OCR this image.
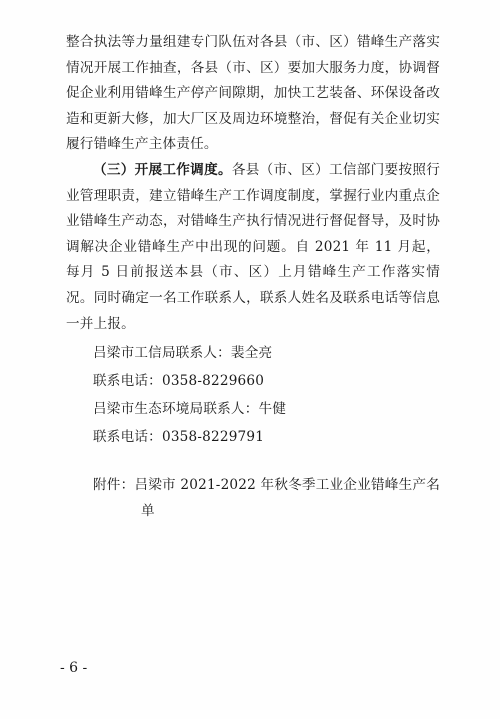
整合执法等力量组建专门队伍对各县（市、区）错峰生产落实情况开展工作抽查，各县（市、区）要加大服务力度，协调督促企业利用错峰生产停产间隙期，加快工艺装备、环保设备改造和更新大修，加大厂区及周边环境整治，督促有关企业切实履行错峰生产主体责任。

（三）开展工作调度。各县（市、区）工信部门要按照行业管理职责，建立错峰生产工作调度制度，掌握行业内重点企业错峰生产动态，对错峰生产执行情况进行督促督导，及时协调解决企业错峰生产中出现的问题。自 2021 年 11 月起，每月 5 日前报送本县（市、区）上月错峰生产工作落实情况。同时确定一名工作联系人，联系人姓名及联系电话等信息一并上报。

吕梁市工信局联系人：裴全亮

联系电话：0358-8229660

吕梁市生态环境局联系人：牛健

联系电话：0358-8229791

附件：吕梁市 2021-2022 年秋冬季工业企业错峰生产名单

- 6 -
